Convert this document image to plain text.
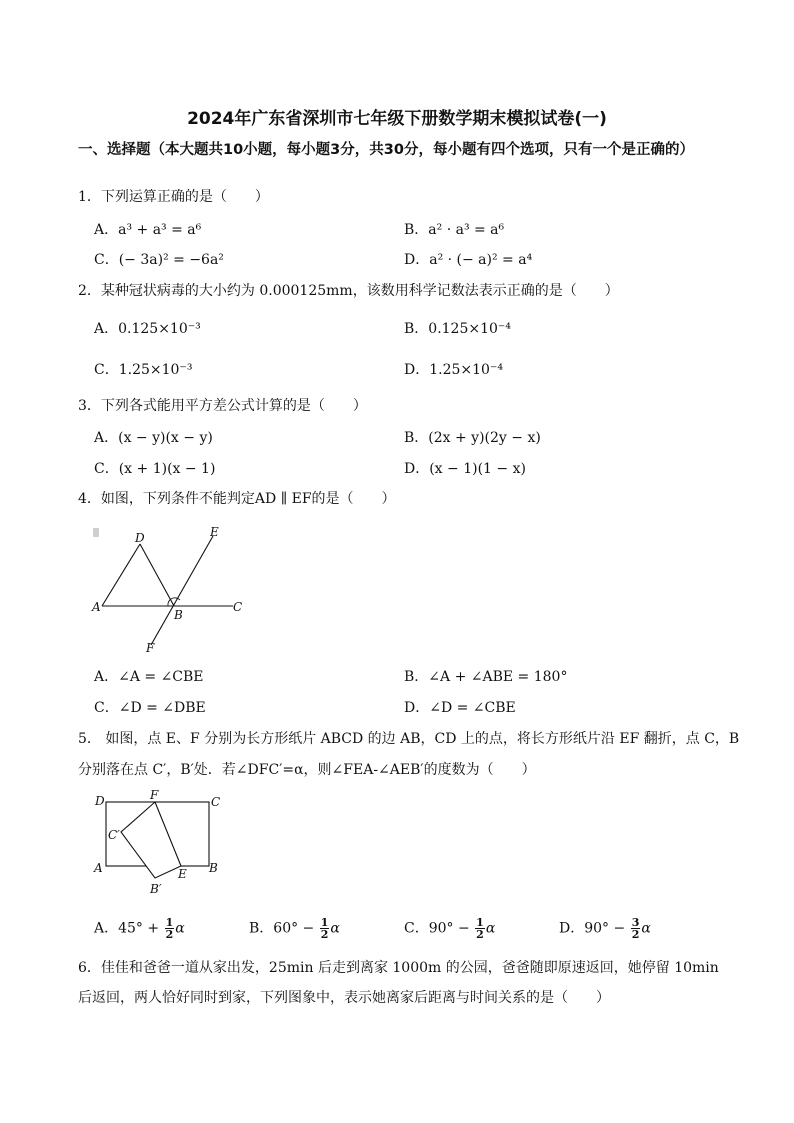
2024年广东省深圳市七年级下册数学期末模拟试卷(一)
一、选择题（本大题共10小题，每小题3分，共30分，每小题有四个选项，只有一个是正确的）
1．下列运算正确的是（　　）
A．a³ + a³ = a⁶	B．a² · a³ = a⁶
C．(− 3a)² = −6a²	D．a² · (− a)² = a⁴
2．某种冠状病毒的大小约为 0.000125mm，该数用科学记数法表示正确的是（　　）
A．0.125×10⁻³	B．0.125×10⁻⁴
C．1.25×10⁻³	D．1.25×10⁻⁴
3．下列各式能用平方差公式计算的是（　　）
A．(x − y)(x − y)	B．(2x + y)(2y − x)
C．(x + 1)(x − 1)	D．(x − 1)(1 − x)
4．如图，下列条件不能判定AD ∥ EF的是（　　）
D	E
A
B
C
F
A．∠A = ∠CBE	B．∠A + ∠ABE = 180°
C．∠D = ∠DBE	D．∠D = ∠CBE
5． 如图，点 E、F 分别为长方形纸片 ABCD 的边 AB，CD 上的点，将长方形纸片沿 EF 翻折，点 C，B
分别落在点 C′，B′处．若∠DFC′=α，则∠FEA-∠AEB′的度数为（　　）
D	F	C
C′
A	E B
B′
A．$45^\circ + \frac{1}{2}$ α	B．$60^\circ - \frac{1}{2}$ α	C．$90^\circ - \frac{1}{2}$ α	D．$90^\circ - \frac{3}{2}$ α
6．佳佳和爸爸一道从家出发，25min 后走到离家 1000m 的公园，爸爸随即原速返回，她停留 10min
后返回，两人恰好同时到家，下列图象中，表示她离家后距离与时间关系的是（　　）
